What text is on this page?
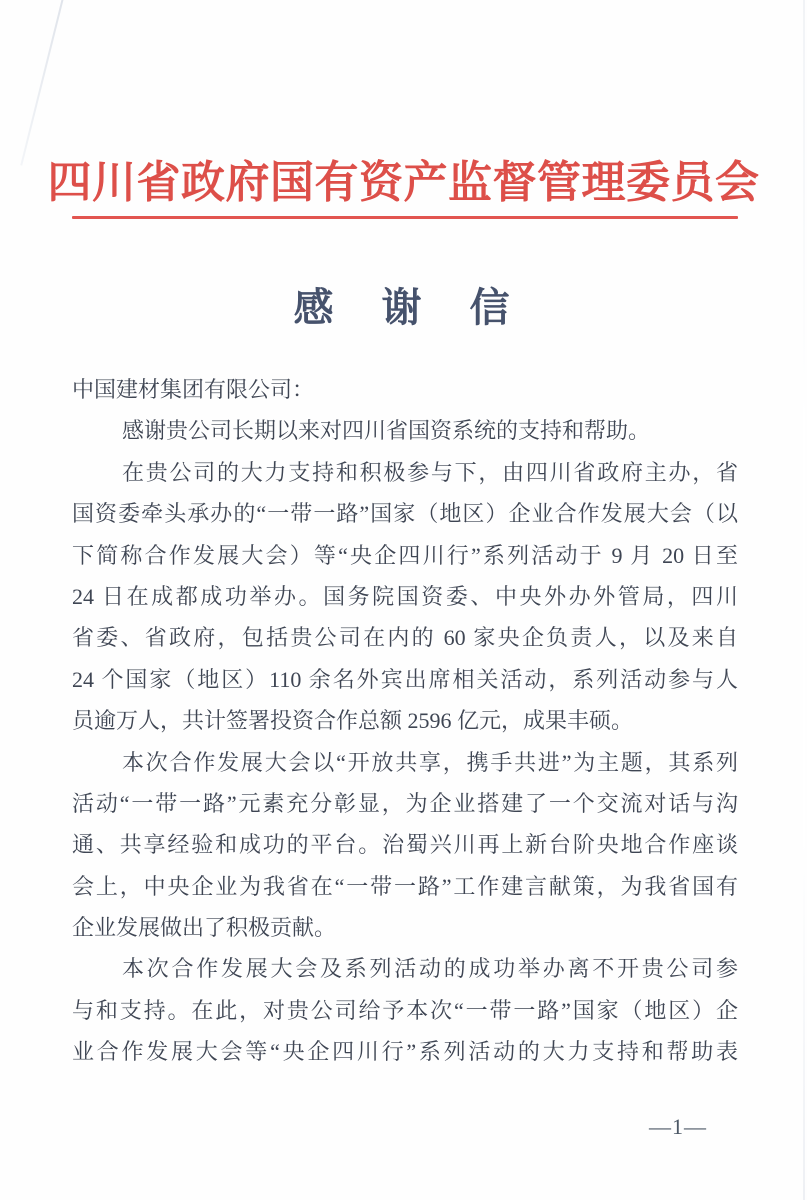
四川省政府国有资产监督管理委员会
感　谢　信
中国建材集团有限公司：
感谢贵公司长期以来对四川省国资系统的支持和帮助。
在贵公司的大力支持和积极参与下，由四川省政府主办，省
国资委牵头承办的“一带一路”国家（地区）企业合作发展大会（以
下简称合作发展大会）等“央企四川行”系列活动于 9 月 20 日至
24 日在成都成功举办。国务院国资委、中央外办外管局，四川
省委、省政府，包括贵公司在内的 60 家央企负责人，以及来自
24 个国家（地区）110 余名外宾出席相关活动，系列活动参与人
员逾万人，共计签署投资合作总额 2596 亿元，成果丰硕。
本次合作发展大会以“开放共享，携手共进”为主题，其系列
活动“一带一路”元素充分彰显，为企业搭建了一个交流对话与沟
通、共享经验和成功的平台。治蜀兴川再上新台阶央地合作座谈
会上，中央企业为我省在“一带一路”工作建言献策，为我省国有
企业发展做出了积极贡献。
本次合作发展大会及系列活动的成功举办离不开贵公司参
与和支持。在此，对贵公司给予本次“一带一路”国家（地区）企
业合作发展大会等“央企四川行”系列活动的大力支持和帮助表
—1—
